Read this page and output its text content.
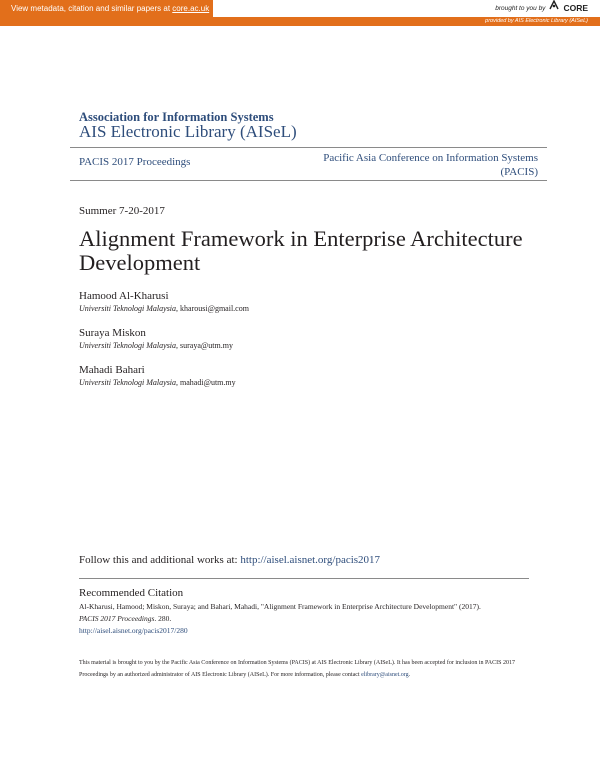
View metadata, citation and similar papers at core.ac.uk	brought to you by CORE
provided by AIS Electronic Library (AISeL)
Association for Information Systems
AIS Electronic Library (AISeL)
PACIS 2017 Proceedings	Pacific Asia Conference on Information Systems
(PACIS)
Summer 7-20-2017
Alignment Framework in Enterprise Architecture Development
Hamood Al-Kharusi
Universiti Teknologi Malaysia, kharousi@gmail.com
Suraya Miskon
Universiti Teknologi Malaysia, suraya@utm.my
Mahadi Bahari
Universiti Teknologi Malaysia, mahadi@utm.my
Follow this and additional works at: http://aisel.aisnet.org/pacis2017
Recommended Citation

Al-Kharusi, Hamood; Miskon, Suraya; and Bahari, Mahadi, "Alignment Framework in Enterprise Architecture Development" (2017).
PACIS 2017 Proceedings. 280.
http://aisel.aisnet.org/pacis2017/280

This material is brought to you by the Pacific Asia Conference on Information Systems (PACIS) at AIS Electronic Library (AISeL). It has been accepted for inclusion in PACIS 2017 Proceedings by an authorized administrator of AIS Electronic Library (AISeL). For more information, please contact elibrary@aisnet.org.
